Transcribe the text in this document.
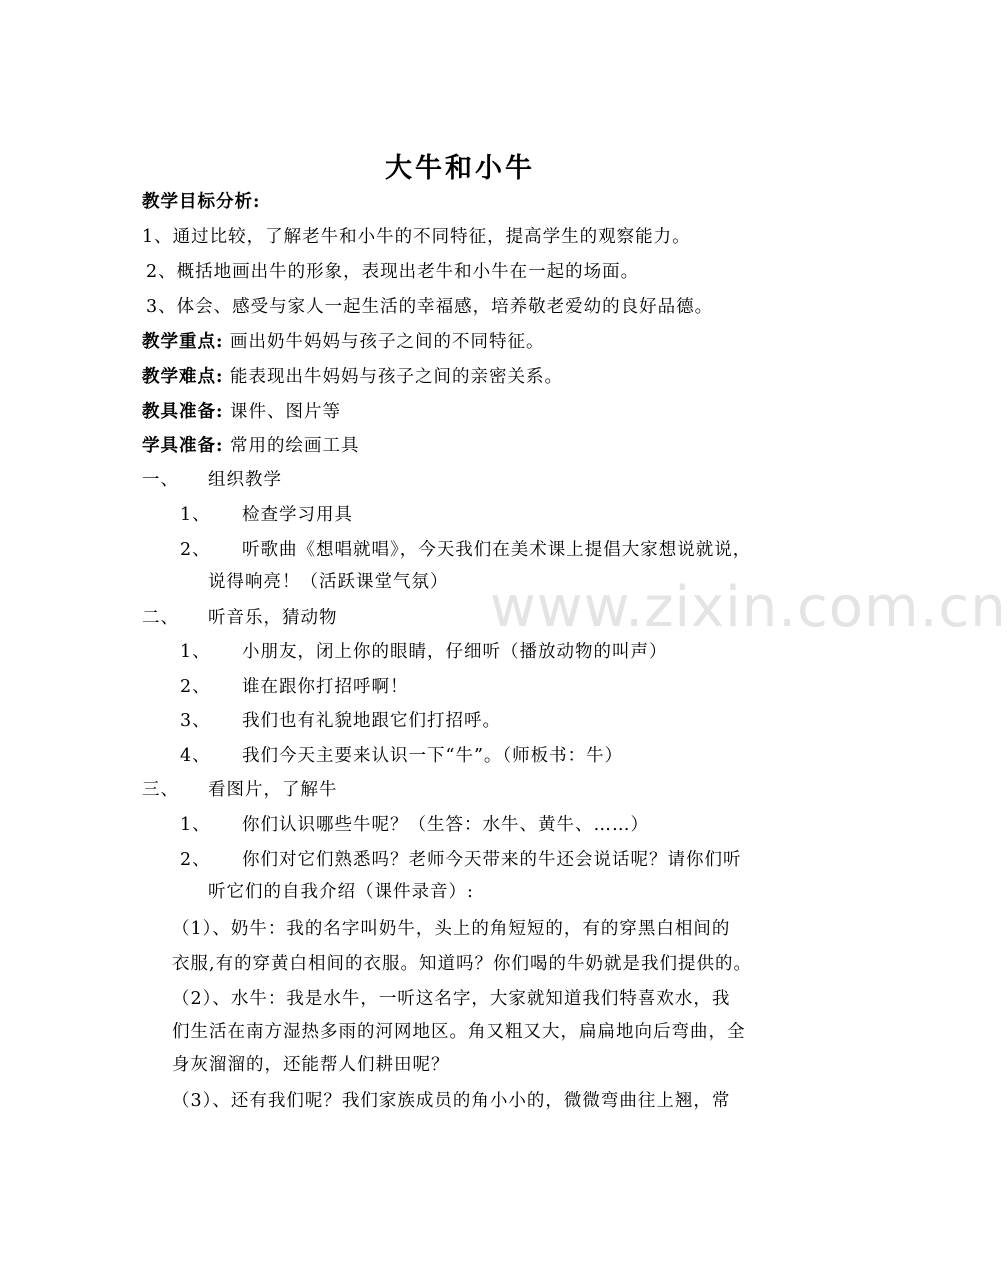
www.zixin.com.cn
大牛和小牛
教学目标分析:
1、通过比较，了解老牛和小牛的不同特征，提高学生的观察能力。
2、概括地画出牛的形象，表现出老牛和小牛在一起的场面。
3、体会、感受与家人一起生活的幸福感，培养敬老爱幼的良好品德。
教学重点: 画出奶牛妈妈与孩子之间的不同特征。
教学难点: 能表现出牛妈妈与孩子之间的亲密关系。
教具准备: 课件、图片等
学具准备: 常用的绘画工具
一、 组织教学
1、 检查学习用具
2、 听歌曲《想唱就唱》，今天我们在美术课上提倡大家想说就说，
说得响亮！（活跃课堂气氛）
二、 听音乐，猜动物
1、 小朋友，闭上你的眼睛，仔细听（播放动物的叫声）
2、 谁在跟你打招呼啊！
3、 我们也有礼貌地跟它们打招呼。
4、 我们今天主要来认识一下“牛”。（师板书：牛）
三、 看图片，了解牛
1、 你们认识哪些牛呢？（生答：水牛、黄牛、……）
2、 你们对它们熟悉吗？老师今天带来的牛还会说话呢？请你们听
听它们的自我介绍（课件录音）:
（1）、奶牛：我的名字叫奶牛，头上的角短短的，有的穿黑白相间的
衣服,有的穿黄白相间的衣服。知道吗？你们喝的牛奶就是我们提供的。
（2）、水牛：我是水牛，一听这名字，大家就知道我们特喜欢水，我
们生活在南方湿热多雨的河网地区。角又粗又大，扁扁地向后弯曲，全
身灰溜溜的，还能帮人们耕田呢？
（3）、还有我们呢？我们家族成员的角小小的，微微弯曲往上翘，常
